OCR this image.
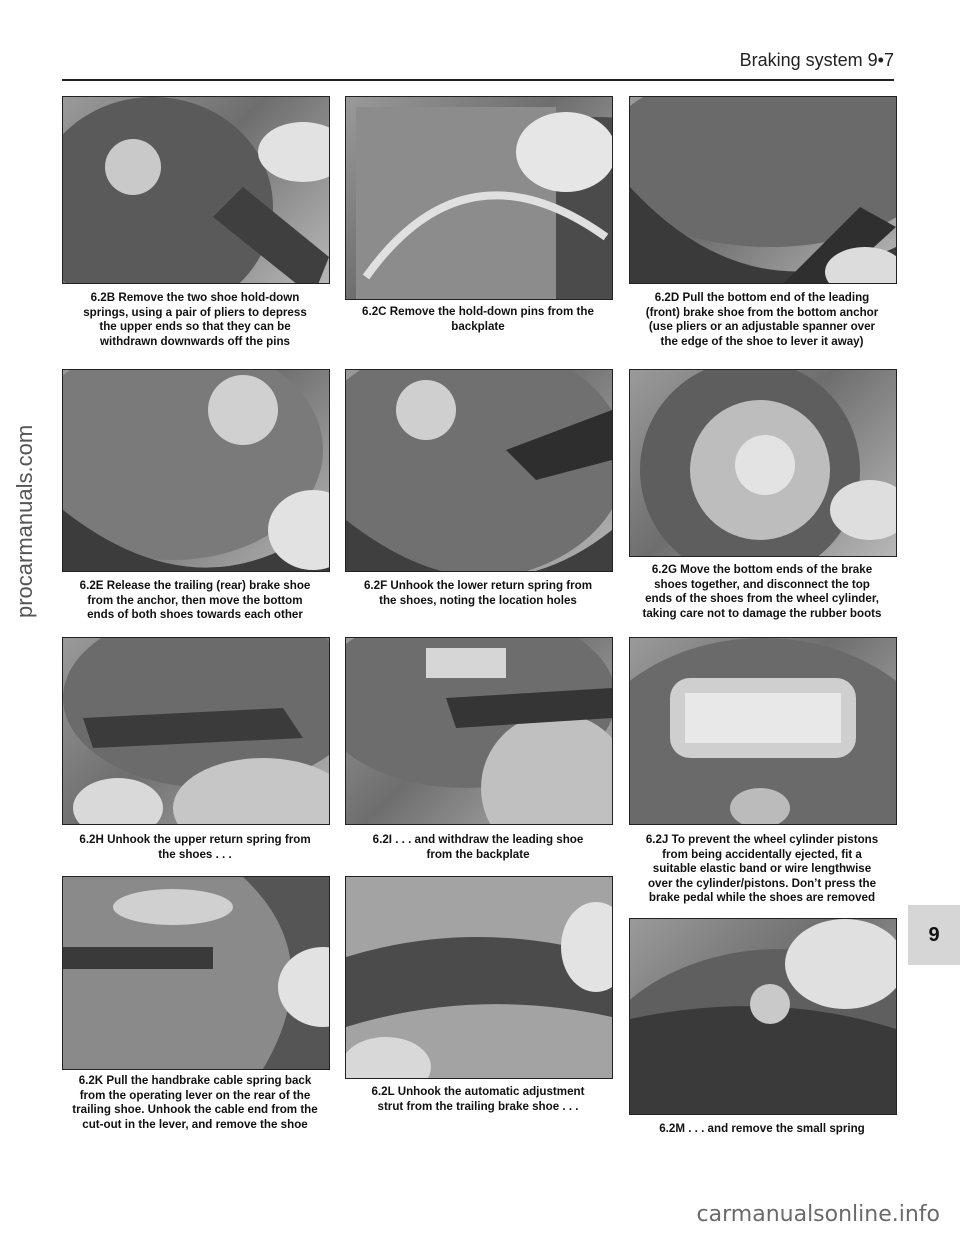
Braking system 9•7
procarmanuals.com
9
6.2B Remove the two shoe hold-down
springs, using a pair of pliers to depress
the upper ends so that they can be
withdrawn downwards off the pins
6.2C Remove the hold-down pins from the
backplate
6.2D Pull the bottom end of the leading
(front) brake shoe from the bottom anchor
(use pliers or an adjustable spanner over
the edge of the shoe to lever it away)
6.2E Release the trailing (rear) brake shoe
from the anchor, then move the bottom
ends of both shoes towards each other
6.2F Unhook the lower return spring from
the shoes, noting the location holes
6.2G Move the bottom ends of the brake
shoes together, and disconnect the top
ends of the shoes from the wheel cylinder,
taking care not to damage the rubber boots
6.2H Unhook the upper return spring from
the shoes . . .
6.2I . . . and withdraw the leading shoe
from the backplate
6.2J To prevent the wheel cylinder pistons
from being accidentally ejected, fit a
suitable elastic band or wire lengthwise
over the cylinder/pistons. Don’t press the
brake pedal while the shoes are removed
6.2K Pull the handbrake cable spring back
from the operating lever on the rear of the
trailing shoe. Unhook the cable end from the
cut-out in the lever, and remove the shoe
6.2L Unhook the automatic adjustment
strut from the trailing brake shoe . . .
6.2M . . . and remove the small spring
carmanualsonline.info
